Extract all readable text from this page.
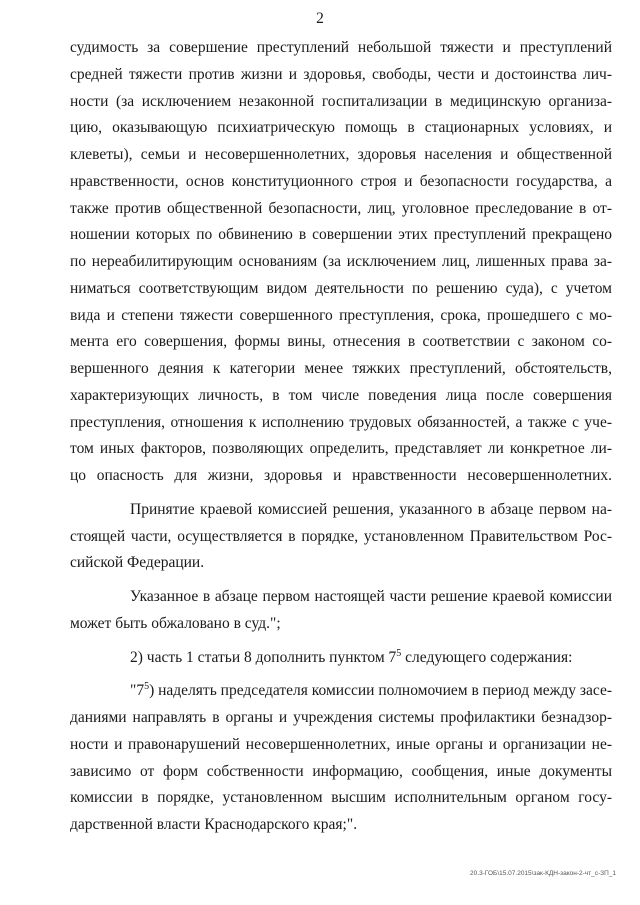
2
судимость за совершение преступлений небольшой тяжести и преступлений
средней тяжести против жизни и здоровья, свободы, чести и достоинства лич-
ности (за исключением незаконной госпитализации в медицинскую организа-
цию, оказывающую психиатрическую помощь в стационарных условиях, и
клеветы), семьи и несовершеннолетних, здоровья населения и общественной
нравственности, основ конституционного строя и безопасности государства, а
также против общественной безопасности, лиц, уголовное преследование в от-
ношении которых по обвинению в совершении этих преступлений прекращено
по нереабилитирующим основаниям (за исключением лиц, лишенных права за-
ниматься соответствующим видом деятельности по решению суда), с учетом
вида и степени тяжести совершенного преступления, срока, прошедшего с мо-
мента его совершения, формы вины, отнесения в соответствии с законом со-
вершенного деяния к категории менее тяжких преступлений, обстоятельств,
характеризующих личность, в том числе поведения лица после совершения
преступления, отношения к исполнению трудовых обязанностей, а также с уче-
том иных факторов, позволяющих определить, представляет ли конкретное ли-
цо опасность для жизни, здоровья и нравственности несовершеннолетних.
Принятие краевой комиссией решения, указанного в абзаце первом на-
стоящей части, осуществляется в порядке, установленном Правительством Рос-
сийской Федерации.
Указанное в абзаце первом настоящей части решение краевой комиссии
может быть обжаловано в суд.";
2) часть 1 статьи 8 дополнить пунктом $7^5$ следующего содержания:
"$7^5$) наделять председателя комиссии полномочием в период между засе-
даниями направлять в органы и учреждения системы профилактики безнадзор-
ности и правонарушений несовершеннолетних, иные органы и организации не-
зависимо от форм собственности информацию, сообщения, иные документы
комиссии в порядке, установленном высшим исполнительным органом госу-
дарственной власти Краснодарского края;".
20.3-ГОБ\15.07.2015\зак-КДН-закон-2-чт_с-ЗП_1
